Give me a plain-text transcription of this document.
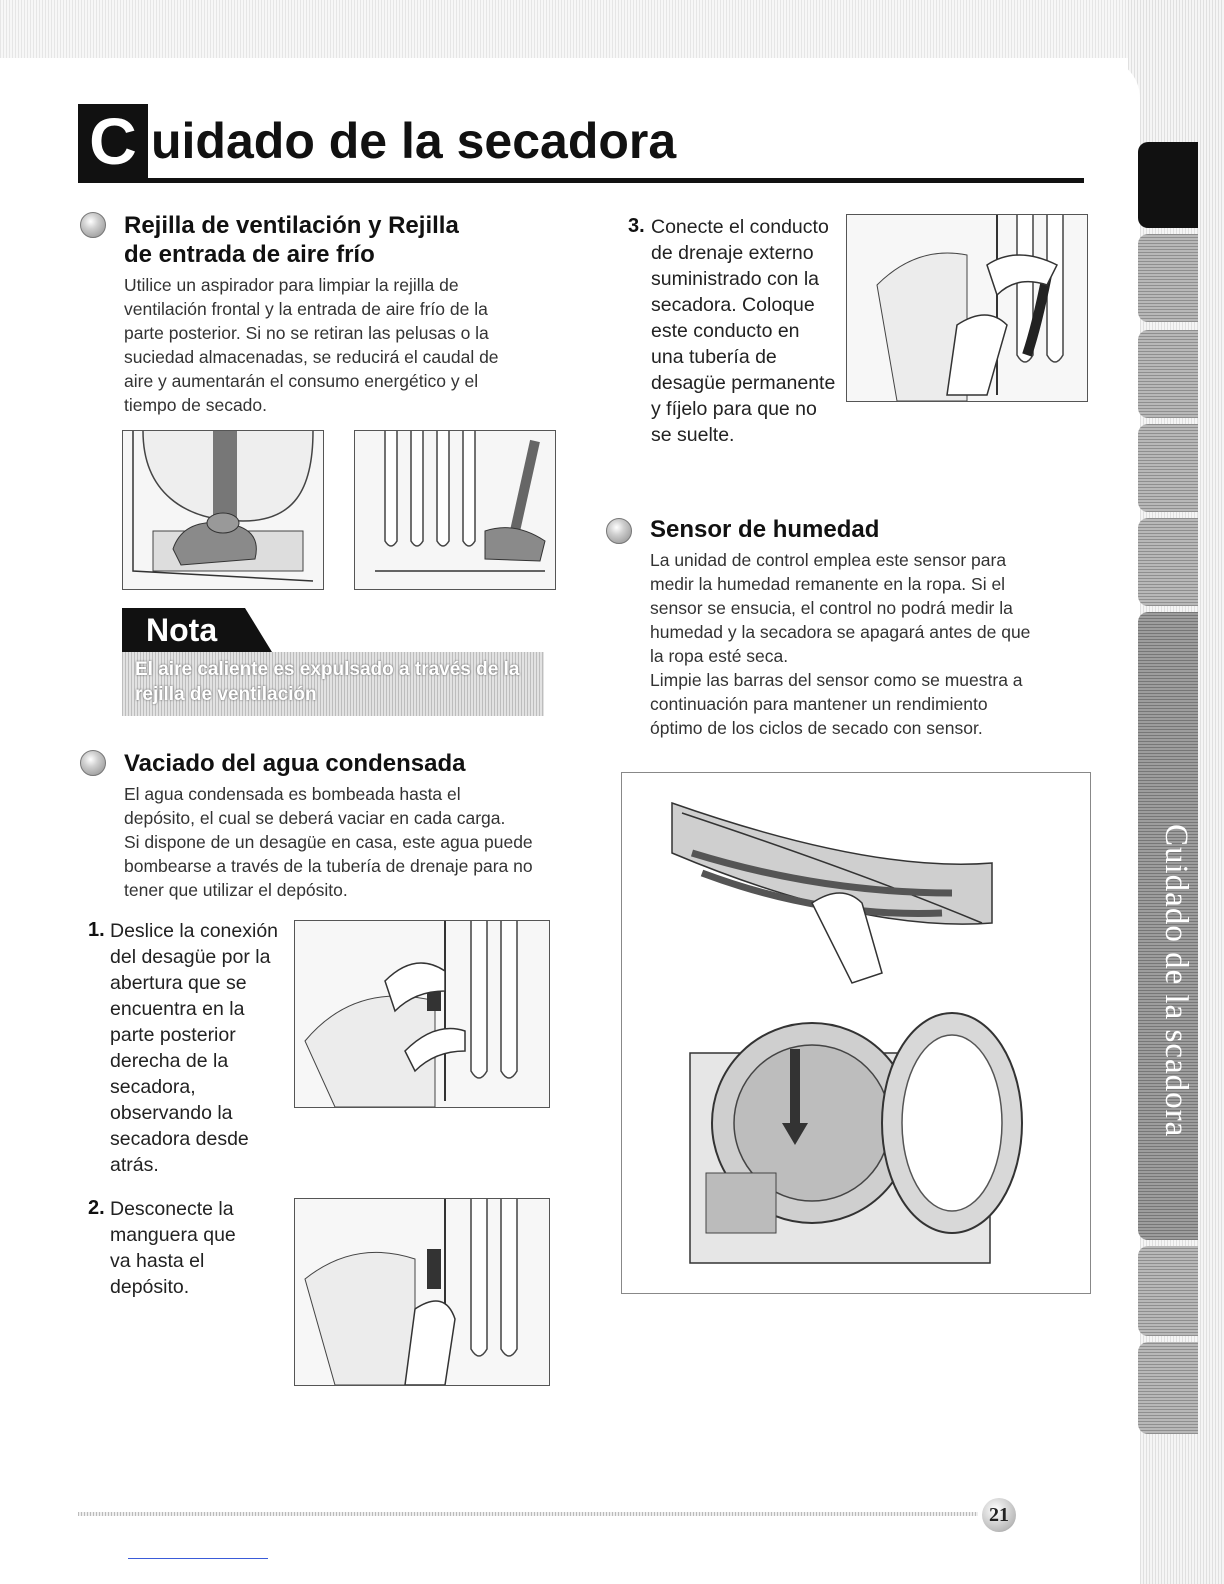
Cuidado de la scadora
C uidado de la secadora
Rejilla de ventilación y Rejilla
de entrada de aire frío
Utilice un aspirador para limpiar la rejilla de
ventilación frontal y la entrada de aire frío de la
parte posterior. Si no se retiran las pelusas o la
suciedad almacenadas, se reducirá el caudal de
aire y aumentarán el consumo energético y el
tiempo de secado.
Nota
El aire caliente es expulsado a través de la
rejilla de ventilación
Vaciado del agua condensada
El agua condensada es bombeada hasta el
depósito, el cual se deberá vaciar en cada carga.
Si dispone de un desagüe en casa, este agua puede
bombearse a través de la tubería de drenaje para no
tener que utilizar el depósito.
1. Deslice la conexión
del desagüe por la
abertura que se
encuentra en la
parte posterior
derecha de la
secadora,
observando la
secadora desde
atrás.
2. Desconecte la
manguera que
va hasta el
depósito.
3. Conecte el conducto
de drenaje externo
suministrado con la
secadora. Coloque
este conducto en
una tubería de
desagüe permanente
y fíjelo para que no
se suelte.
Sensor de humedad
La unidad de control emplea este sensor para
medir la humedad remanente en la ropa. Si el
sensor se ensucia, el control no podrá medir la
humedad y la secadora se apagará antes de que
la ropa esté seca.
Limpie las barras del sensor como se muestra a
continuación para mantener un rendimiento
óptimo de los ciclos de secado con sensor.
21
